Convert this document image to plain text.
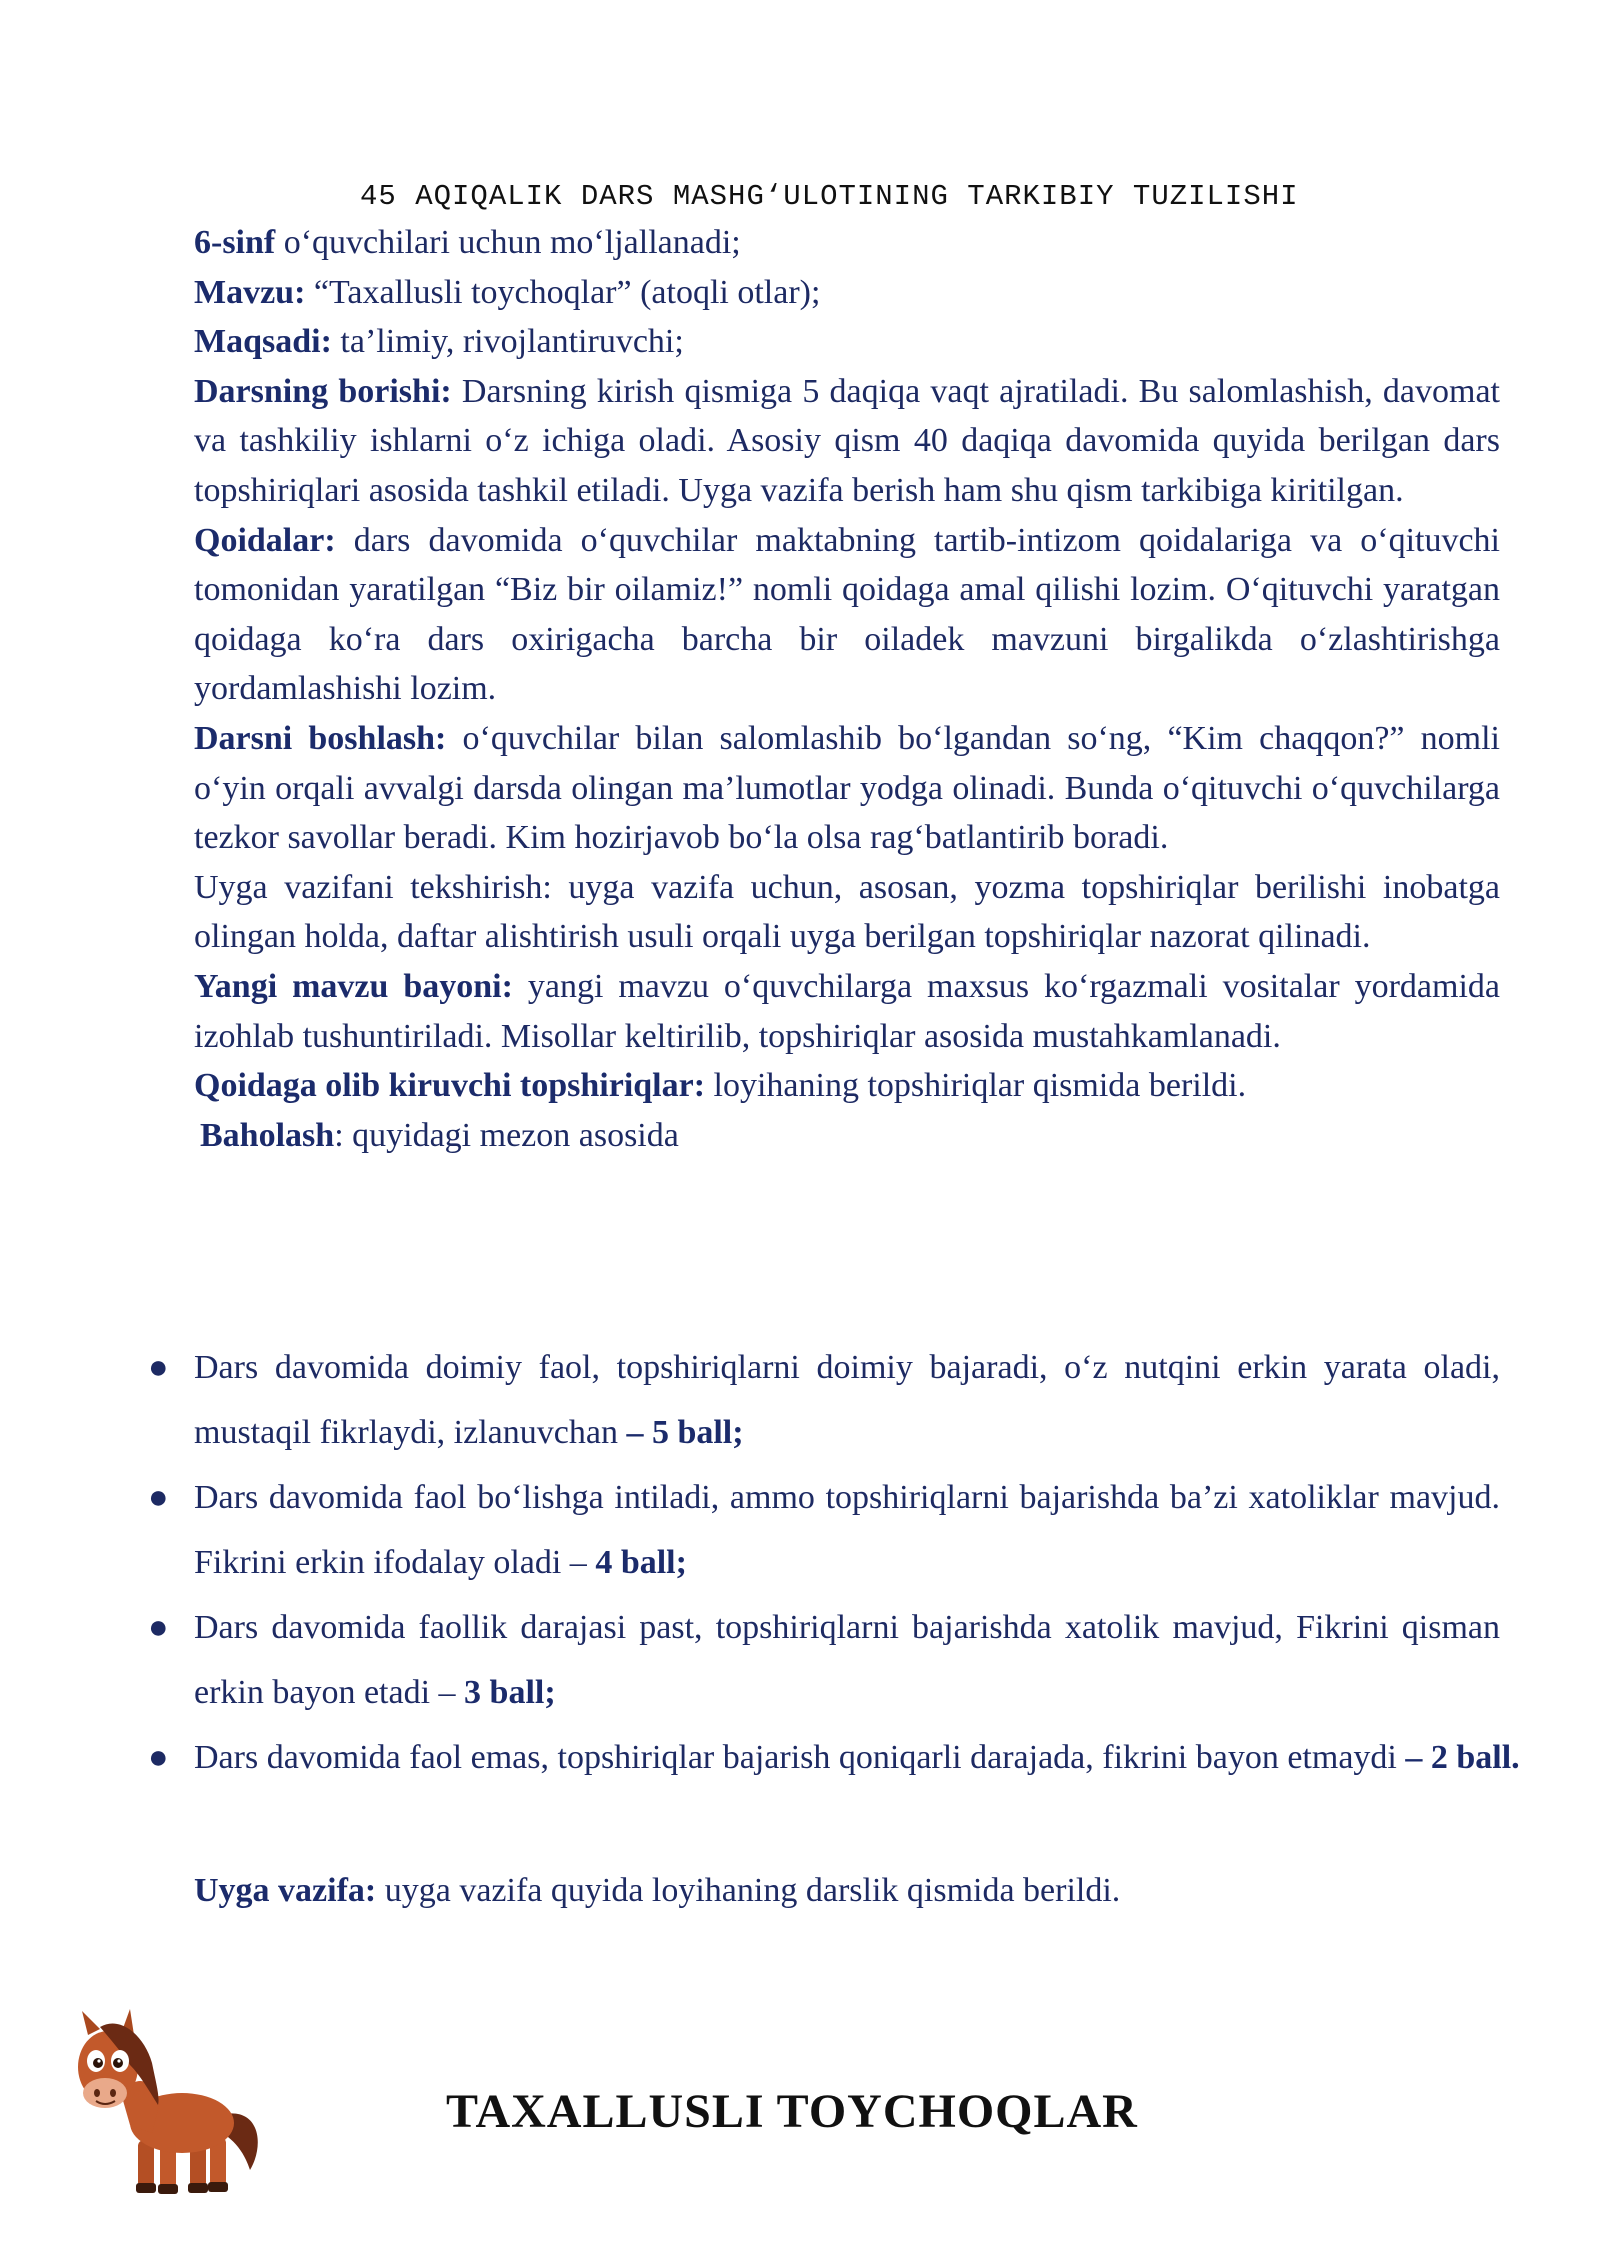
45 AQIQALIK DARS MASHG‘ULOTINING TARKIBIY TUZILISHI

6-sinf o‘quvchilari uchun mo‘ljallanadi;

Mavzu: “Taxallusli toychoqlar” (atoqli otlar);

Maqsadi: ta’limiy, rivojlantiruvchi;

Darsning borishi: Darsning kirish qismiga 5 daqiqa vaqt ajratiladi. Bu salomlashish, davomat va tashkiliy ishlarni o‘z ichiga oladi. Asosiy qism 40 daqiqa davomida quyida berilgan dars topshiriqlari asosida tashkil etiladi. Uyga vazifa berish ham shu qism tarkibiga kiritilgan.

Qoidalar: dars davomida o‘quvchilar maktabning tartib-intizom qoidalariga va o‘qituvchi tomonidan yaratilgan “Biz bir oilamiz!” nomli qoidaga amal qilishi lozim. O‘qituvchi yaratgan qoidaga ko‘ra dars oxirigacha barcha bir oiladek mavzuni birgalikda o‘zlashtirishga yordamlashishi lozim.

Darsni boshlash: o‘quvchilar bilan salomlashib bo‘lgandan so‘ng, “Kim chaqqon?” nomli o‘yin orqali avvalgi darsda olingan ma’lumotlar yodga olinadi. Bunda o‘qituvchi o‘quvchilarga tezkor savollar beradi. Kim hozirjavob bo‘la olsa rag‘batlantirib boradi.

Uyga vazifani tekshirish: uyga vazifa uchun, asosan, yozma topshiriqlar berilishi inobatga olingan holda, daftar alishtirish usuli orqali uyga berilgan topshiriqlar nazorat qilinadi.

Yangi mavzu bayoni: yangi mavzu o‘quvchilarga maxsus ko‘rgazmali vositalar yordamida izohlab tushuntiriladi. Misollar keltirilib, topshiriqlar asosida mustahkamlanadi.

Qoidaga olib kiruvchi topshiriqlar: loyihaning topshiriqlar qismida berildi.

Baholash: quyidagi mezon asosida

● Dars davomida doimiy faol, topshiriqlarni doimiy bajaradi, o‘z nutqini erkin yarata oladi, mustaqil fikrlaydi, izlanuvchan – 5 ball;
● Dars davomida faol bo‘lishga intiladi, ammo topshiriqlarni bajarishda ba’zi xatoliklar mavjud. Fikrini erkin ifodalay oladi – 4 ball;
● Dars davomida faollik darajasi past, topshiriqlarni bajarishda xatolik mavjud, Fikrini qisman erkin bayon etadi – 3 ball;
● Dars davomida faol emas, topshiriqlar bajarish qoniqarli darajada, fikrini bayon etmaydi – 2 ball.

Uyga vazifa: uyga vazifa quyida loyihaning darslik qismida berildi.

TAXALLUSLI TOYCHOQLAR
